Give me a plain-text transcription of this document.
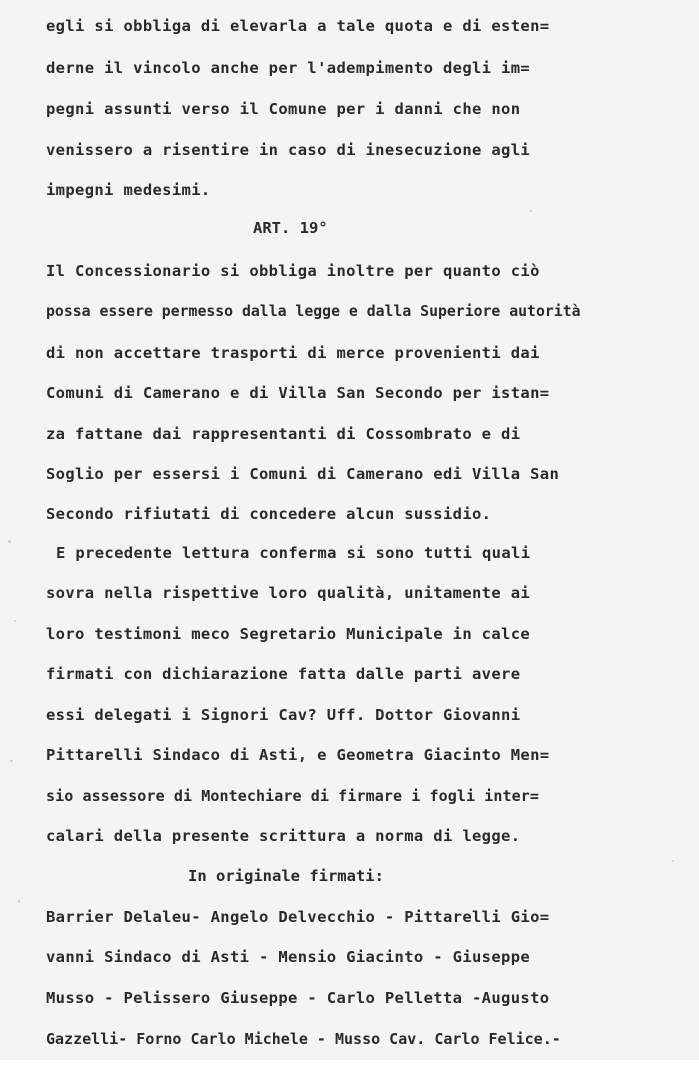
egli si obbliga di elevarla a tale quota e di esten=
derne il vincolo anche per l'adempimento degli im=
pegni assunti verso il Comune per i danni che non
venissero a risentire in caso di inesecuzione agli
impegni medesimi.
ART. 19°
Il Concessionario si obbliga inoltre per quanto ciò
possa essere permesso dalla legge e dalla Superiore autorità
di non accettare trasporti di merce provenienti dai
Comuni di Camerano e di Villa San Secondo per istan=
za fattane dai rappresentanti di Cossombrato e di
Soglio per essersi i Comuni di Camerano edi Villa San
Secondo rifiutati di concedere alcun sussidio.
E precedente lettura conferma si sono tutti quali
sovra nella rispettive loro qualità, unitamente ai
loro testimoni meco Segretario Municipale in calce
firmati con dichiarazione fatta dalle parti avere
essi delegati i Signori Cav? Uff. Dottor Giovanni
Pittarelli Sindaco di Asti, e Geometra Giacinto Men=
sio assessore di Montechiare di firmare i fogli inter=
calari della presente scrittura a norma di legge.
In originale firmati:
Barrier Delaleu- Angelo Delvecchio - Pittarelli Gio=
vanni Sindaco di Asti - Mensio Giacinto - Giuseppe
Musso - Pelissero Giuseppe - Carlo Pelletta -Augusto
Gazzelli- Forno Carlo Michele - Musso Cav. Carlo Felice.-
